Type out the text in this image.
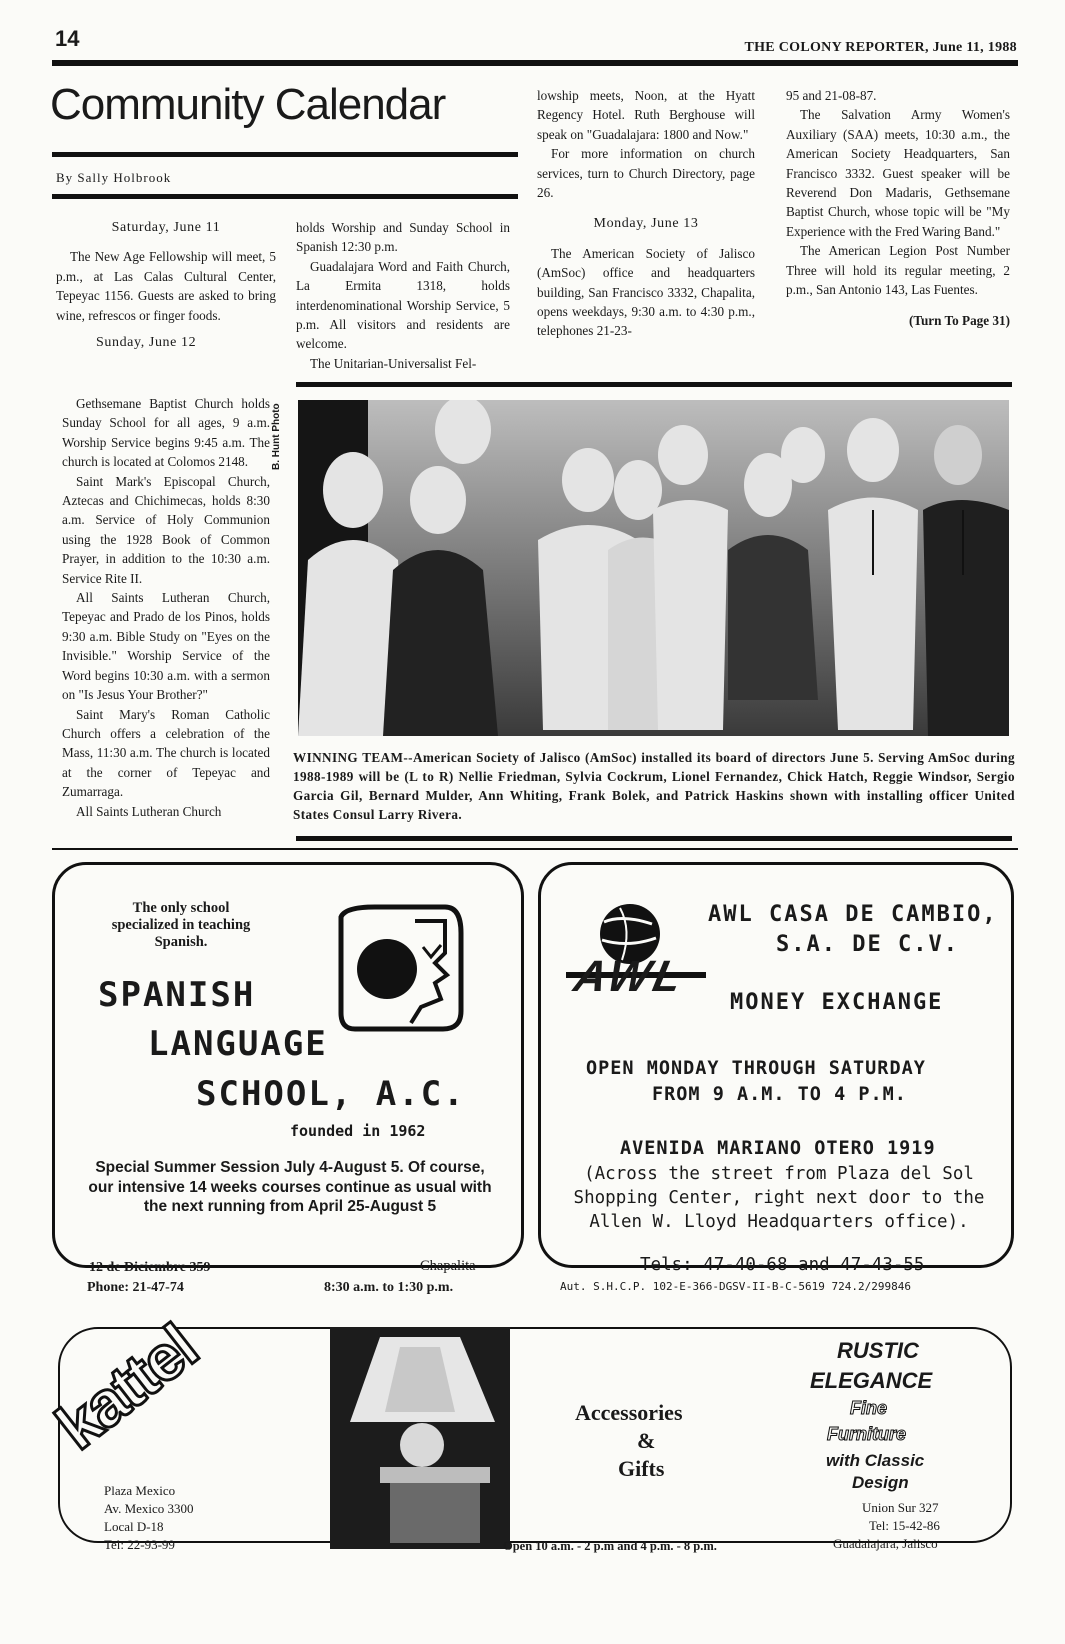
14	THE COLONY REPORTER, June 11, 1988
Community Calendar
By Sally Holbrook

Saturday, June 11

The New Age Fellowship will meet, 5 p.m., at Las Calas Cultural Center, Tepeyac 1156. Guests are asked to bring wine, refrescos or finger foods.

Sunday, June 12

Gethsemane Baptist Church holds Sunday School for all ages, 9 a.m. Worship Service begins 9:45 a.m. The church is located at Colomos 2148.

Saint Mark's Episcopal Church, Aztecas and Chichimecas, holds 8:30 a.m. Service of Holy Communion using the 1928 Book of Common Prayer, in addition to the 10:30 a.m. Service Rite II.

All Saints Lutheran Church, Tepeyac and Prado de los Pinos, holds 9:30 a.m. Bible Study on "Eyes on the Invisible." Worship Service of the Word begins 10:30 a.m. with a sermon on "Is Jesus Your Brother?"

Saint Mary's Roman Catholic Church offers a celebration of the Mass, 11:30 a.m. The church is located at the corner of Tepeyac and Zumarraga.

All Saints Lutheran Church

holds Worship and Sunday School in Spanish 12:30 p.m.

Guadalajara Word and Faith Church, La Ermita 1318, holds interdenominational Worship Service, 5 p.m. All visitors and residents are welcome.

The Unitarian-Universalist Fel-

lowship meets, Noon, at the Hyatt Regency Hotel. Ruth Berghouse will speak on "Guadalajara: 1800 and Now."

For more information on church services, turn to Church Directory, page 26.

Monday, June 13

The American Society of Jalisco (AmSoc) office and headquarters building, San Francisco 3332, Chapalita, opens weekdays, 9:30 a.m. to 4:30 p.m., telephones 21-23-

95 and 21-08-87.

The Salvation Army Women's Auxiliary (SAA) meets, 10:30 a.m., the American Society Headquarters, San Francisco 3332. Guest speaker will be Reverend Don Madaris, Gethsemane Baptist Church, whose topic will be "My Experience with the Fred Waring Band."

The American Legion Post Number Three will hold its regular meeting, 2 p.m., San Antonio 143, Las Fuentes.

(Turn To Page 31)

B. Hunt Photo
WINNING TEAM--American Society of Jalisco (AmSoc) installed its board of directors June 5. Serving AmSoc during 1988-1989 will be (L to R) Nellie Friedman, Sylvia Cockrum, Lionel Fernandez, Chick Hatch, Reggie Windsor, Sergio Garcia Gil, Bernard Mulder, Ann Whiting, Frank Bolek, and Patrick Haskins shown with installing officer United States Consul Larry Rivera.
The only school specialized in teaching Spanish.
SPANISH
LANGUAGE
SCHOOL, A.C.
founded in 1962
Special Summer Session July 4-August 5. Of course, our intensive 14 weeks courses continue as usual with the next running from April 25-August 5
12 de Diciembre 359	Chapalita
Phone: 21-47-74	8:30 a.m. to 1:30 p.m.
AWL
AWL CASA DE CAMBIO,
S.A. DE C.V.
MONEY EXCHANGE
OPEN MONDAY THROUGH SATURDAY
FROM 9 A.M. TO 4 P.M.
AVENIDA MARIANO OTERO 1919
(Across the street from Plaza del Sol Shopping Center, right next door to the Allen W. Lloyd Headquarters office).
Tels: 47-40-68 and 47-43-55
Aut. S.H.C.P. 102-E-366-DGSV-II-B-C-5619 724.2/299846
kattel
Plaza Mexico
Av. Mexico 3300
Local D-18
Tel: 22-93-99
Accessories
&
Gifts
Open 10 a.m. - 2 p.m and 4 p.m. - 8 p.m.
RUSTIC
ELEGANCE
Fine
Furniture
with Classic
Design
Union Sur 327
Tel: 15-42-86
Guadalajara, Jalisco
